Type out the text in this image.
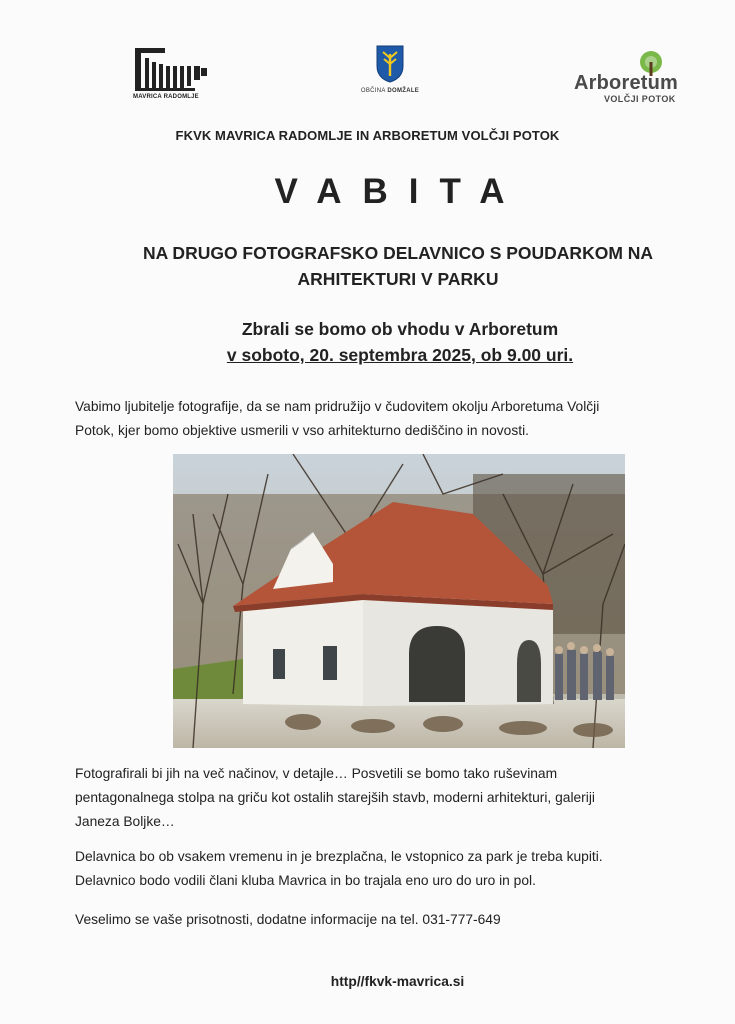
MAVRICA RADOMLJE
OBČINA DOMŽALE	Arboretum
VOLČJI POTOK
FKVK MAVRICA RADOMLJE IN ARBORETUM VOLČJI POTOK
VABITA
NA DRUGO FOTOGRAFSKO DELAVNICO S POUDARKOM NA
ARHITEKTURI V PARKU
Zbrali se bomo ob vhodu v Arboretum
v soboto, 20. septembra 2025, ob 9.00 uri.
Vabimo ljubitelje fotografije, da se nam pridružijo v čudovitem okolju Arboretuma Volčji
Potok, kjer bomo objektive usmerili v vso arhitekturno dediščino in novosti.
Fotografirali bi jih na več načinov, v detajle… Posvetili se bomo tako ruševinam
pentagonalnega stolpa na griču kot ostalih starejših stavb, moderni arhitekturi, galeriji
Janeza Boljke…
Delavnica bo ob vsakem vremenu in je brezplačna, le vstopnico za park je treba kupiti.
Delavnico bodo vodili člani kluba Mavrica in bo trajala eno uro do uro in pol.
Veselimo se vaše prisotnosti, dodatne informacije na tel. 031-777-649
http//fkvk-mavrica.si
